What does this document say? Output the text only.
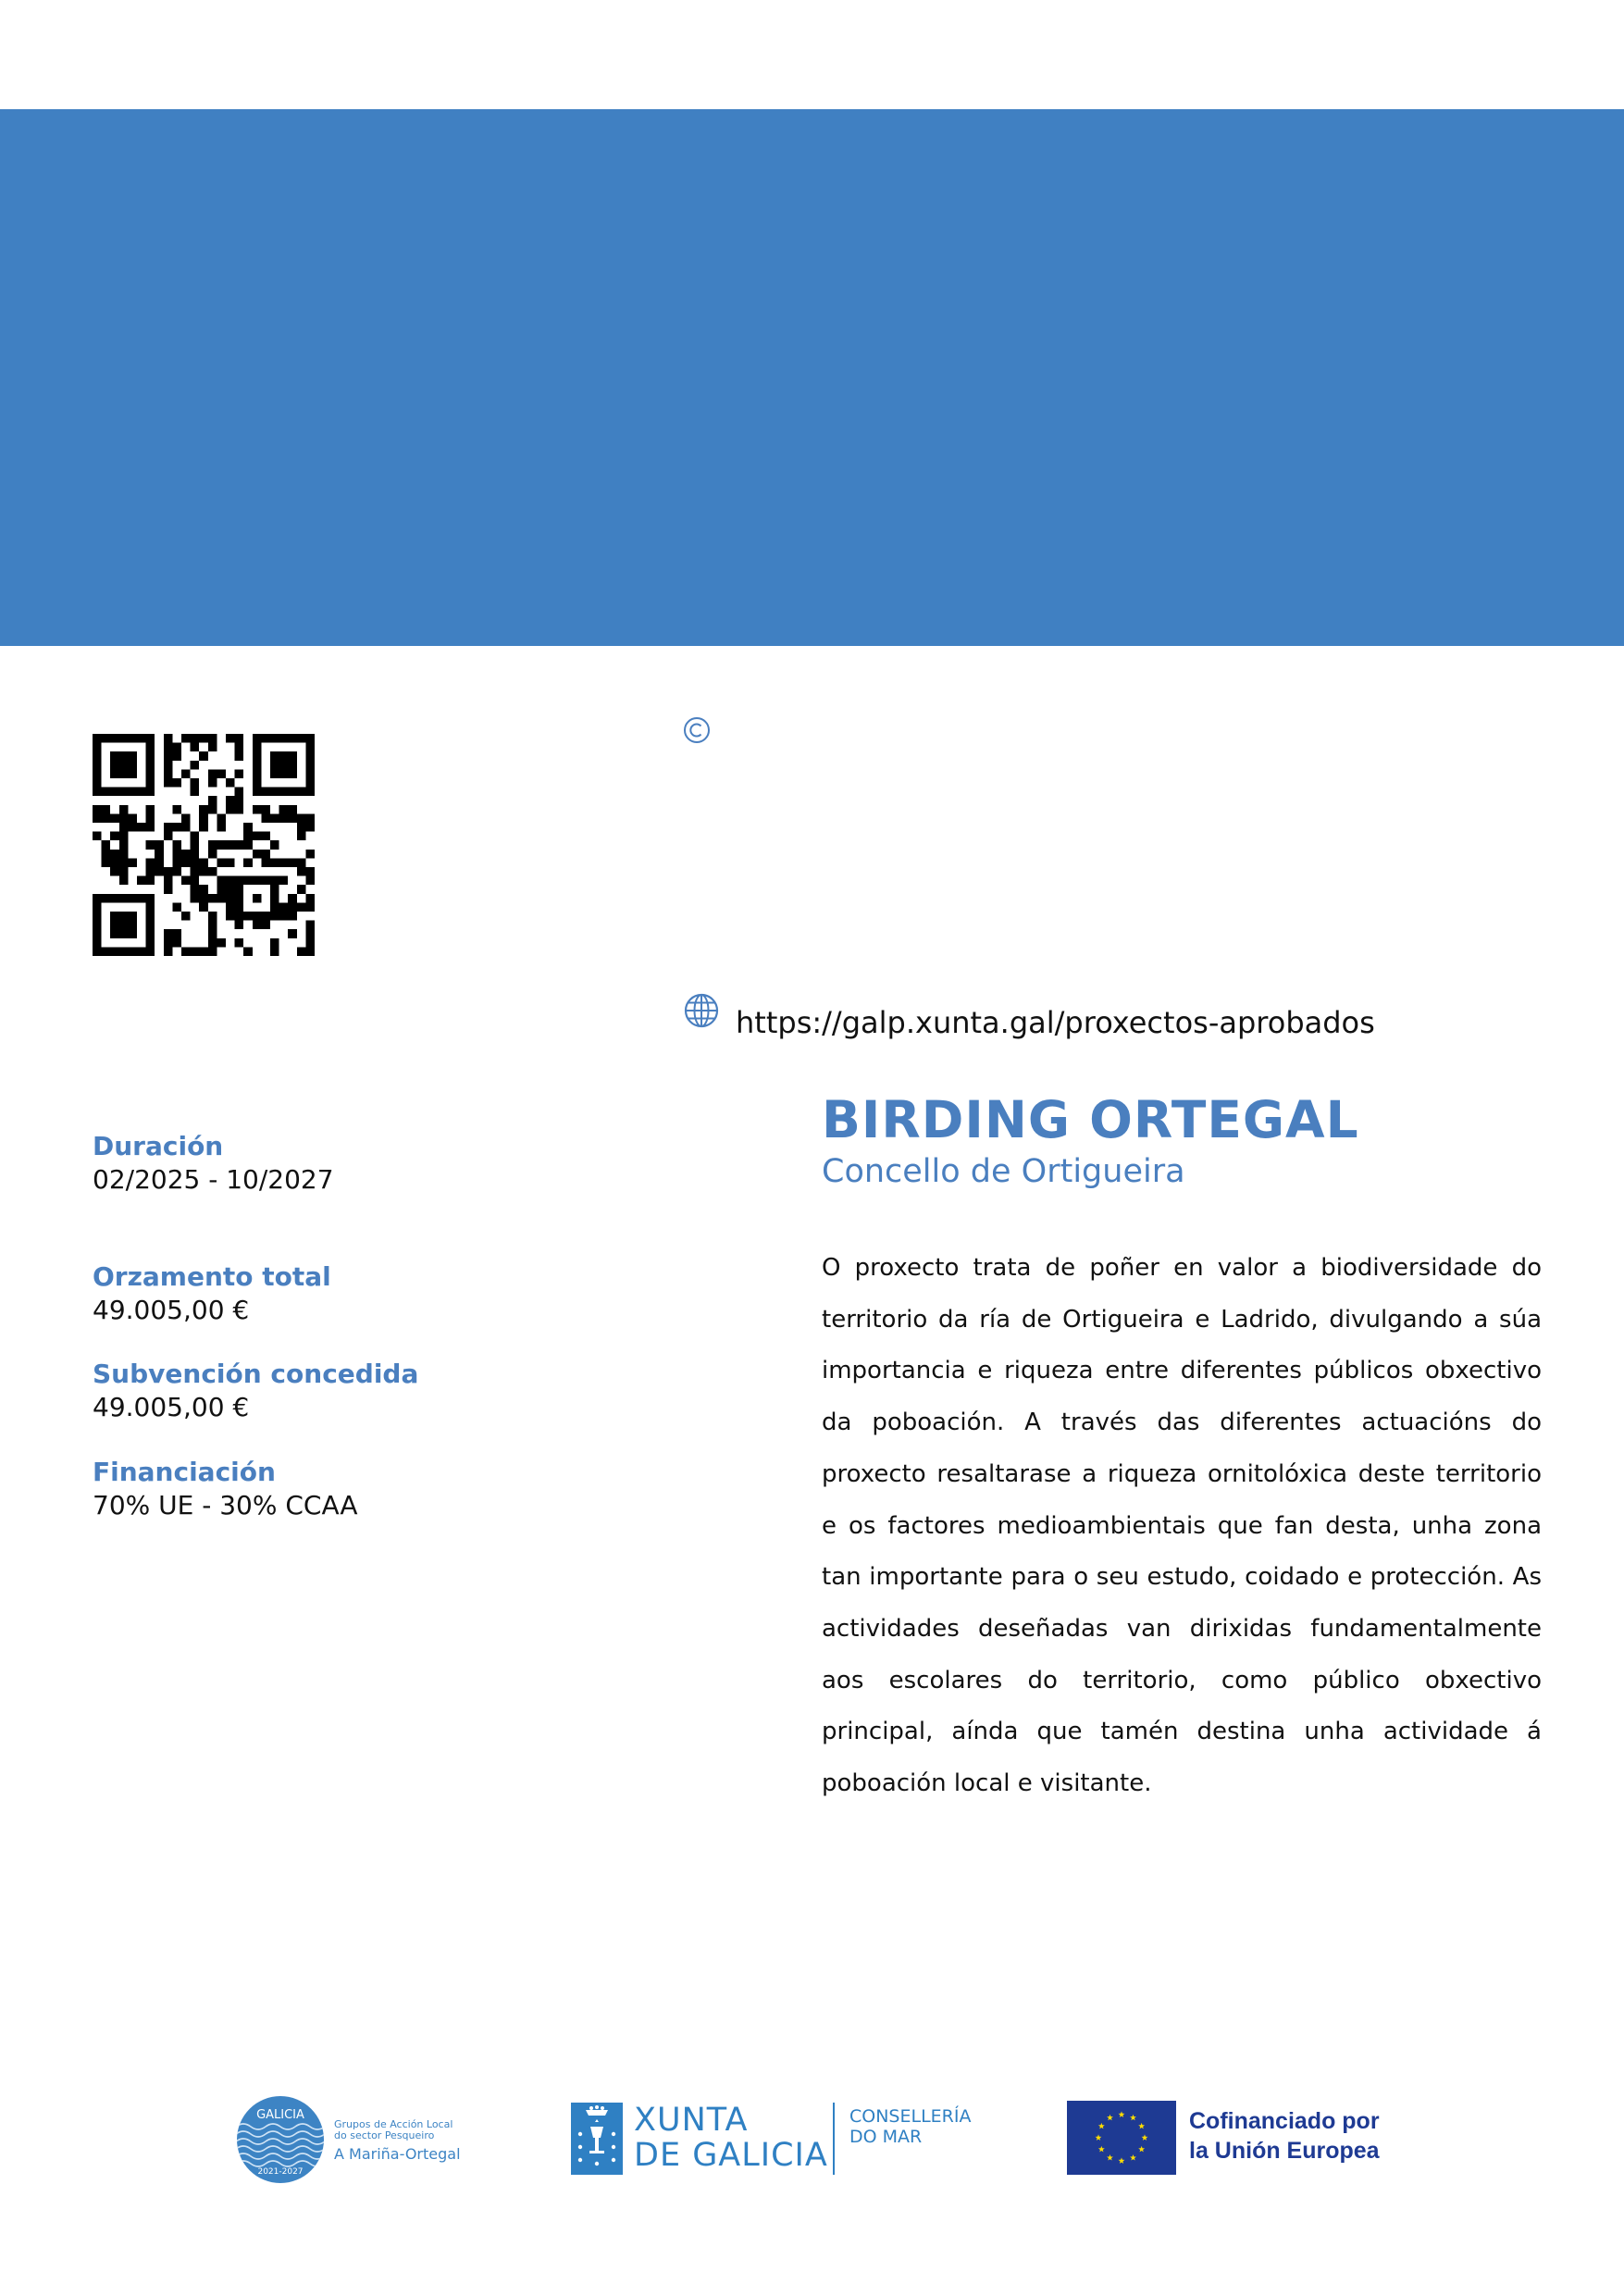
https://galp.xunta.gal/proxectos-aprobados
Duración
02/2025 - 10/2027
Orzamento total
49.005,00 €
Subvención concedida
49.005,00 €
Financiación
70% UE - 30% CCAA
BIRDING ORTEGAL
Concello de Ortigueira

O proxecto trata de poñer en valor a biodiversidade do territorio da ría de Ortigueira e Ladrido, divulgando a súa importancia e riqueza entre diferentes públicos obxectivo da poboación. A través das diferentes actuacións do proxecto resaltarase a riqueza ornitolóxica deste territorio e os factores medioambientais que fan desta, unha zona tan importante para o seu estudo, coidado e protección. As actividades deseñadas van dirixidas fundamentalmente aos escolares do territorio, como público obxectivo principal, aínda que tamén destina unha actividade á poboación local e visitante.

GALICIA
2021-2027
Grupos de Acción Local
do sector Pesqueiro
A Mariña-Ortegal
XUNTA
DE GALICIA
CONSELLERÍA
DO MAR
Cofinanciado por
la Unión Europea
